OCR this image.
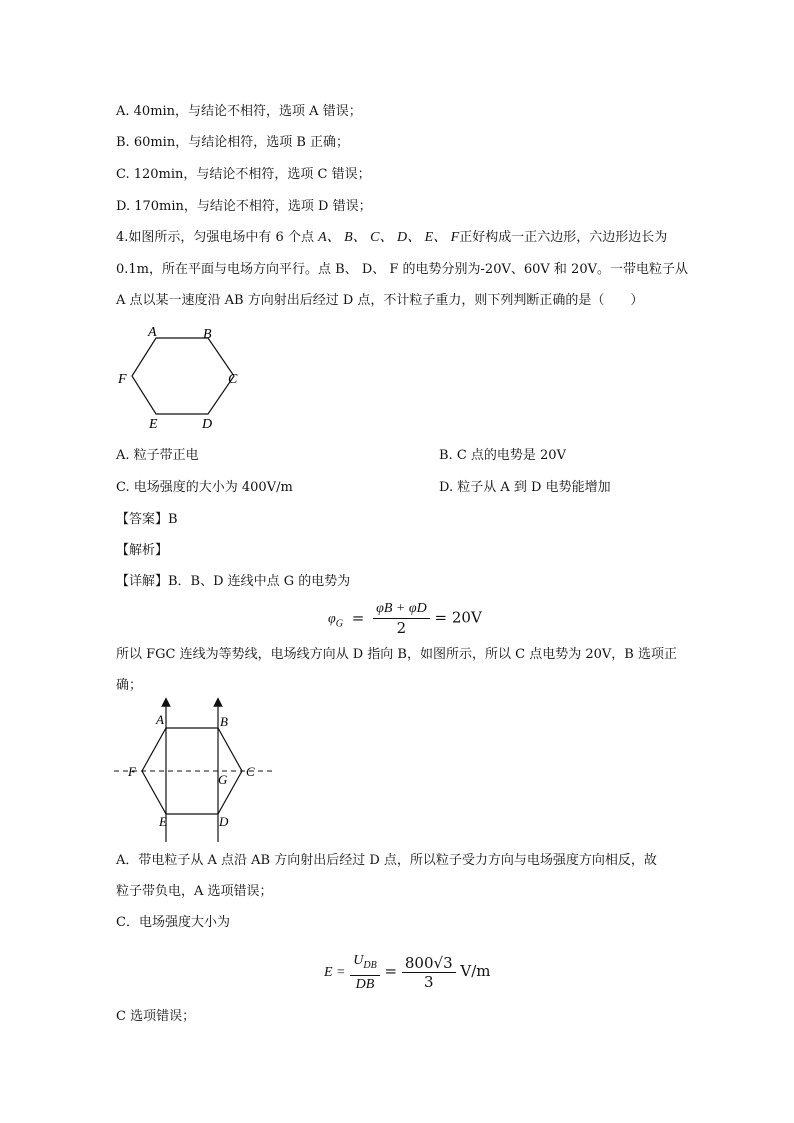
A. 40min，与结论不相符，选项 A 错误；
B. 60min，与结论相符，选项 B 正确；
C. 120min，与结论不相符，选项 C 错误；
D. 170min，与结论不相符，选项 D 错误；
4.如图所示，匀强电场中有 6 个点 A、 B、 C、 D、 E、 F正好构成一正六边形，六边形边长为
0.1m，所在平面与电场方向平行。点 B、 D、 F 的电势分别为-20V、60V 和 20V。一带电粒子从
A 点以某一速度沿 AB 方向射出后经过 D 点，不计粒子重力，则下列判断正确的是（　　）
A	B
C
D
E
F
A. 粒子带正电	B. C 点的电势是 20V
C. 电场强度的大小为 400V/m	D. 粒子从 A 到 D 电势能增加
【答案】B
【解析】
【详解】B．B、D 连线中点 G 的电势为
$\varphi_G = \frac{\varphi B + \varphi D}{2} = 20V$
所以 FGC 连线为等势线，电场线方向从 D 指向 B，如图所示，所以 C 点电势为 20V，B 选项正
确；
A	B
C
D
E
F
G
A．带电粒子从 A 点沿 AB 方向射出后经过 D 点，所以粒子受力方向与电场强度方向相反，故
粒子带负电，A 选项错误；
C．电场强度大小为
$E = \frac{U_{DB}}{DB} = \frac{800√3}{3} V/m$
C 选项错误；
